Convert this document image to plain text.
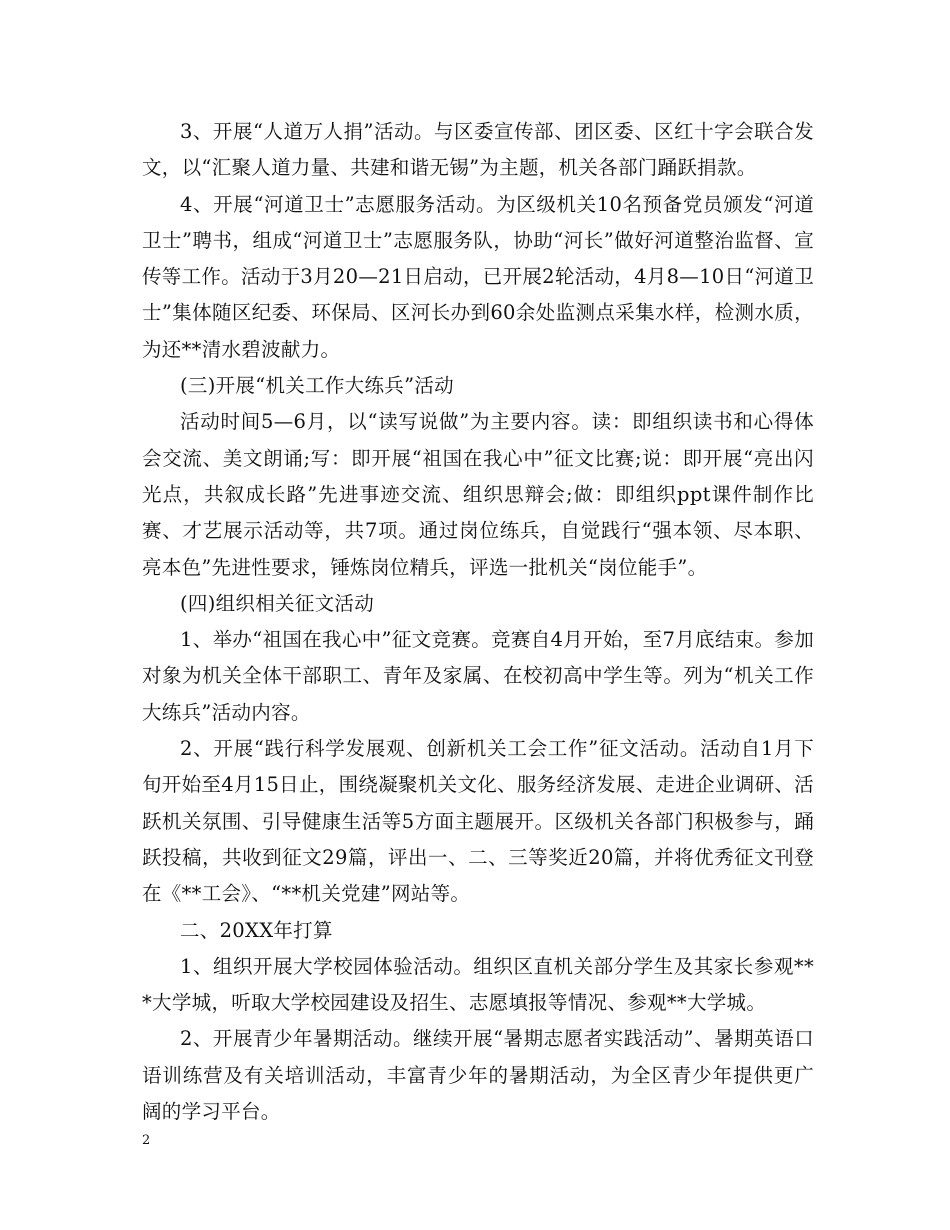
3、开展“人道万人捐”活动。与区委宣传部、团区委、区红十字会联合发文，以“汇聚人道力量、共建和谐无锡”为主题，机关各部门踊跃捐款。

4、开展“河道卫士”志愿服务活动。为区级机关10名预备党员颁发“河道卫士”聘书，组成“河道卫士”志愿服务队，协助“河长”做好河道整治监督、宣传等工作。活动于3月20—21日启动，已开展2轮活动，4月8—10日“河道卫士”集体随区纪委、环保局、区河长办到60余处监测点采集水样，检测水质，为还**清水碧波献力。

(三)开展“机关工作大练兵”活动

活动时间5—6月，以“读写说做”为主要内容。读：即组织读书和心得体会交流、美文朗诵;写：即开展“祖国在我心中”征文比赛;说：即开展“亮出闪光点，共叙成长路”先进事迹交流、组织思辩会;做：即组织ppt课件制作比赛、才艺展示活动等，共7项。通过岗位练兵，自觉践行“强本领、尽本职、亮本色”先进性要求，锤炼岗位精兵，评选一批机关“岗位能手”。

(四)组织相关征文活动

1、举办“祖国在我心中”征文竞赛。竞赛自4月开始，至7月底结束。参加对象为机关全体干部职工、青年及家属、在校初高中学生等。列为“机关工作大练兵”活动内容。

2、开展“践行科学发展观、创新机关工会工作”征文活动。活动自1月下旬开始至4月15日止，围绕凝聚机关文化、服务经济发展、走进企业调研、活跃机关氛围、引导健康生活等5方面主题展开。区级机关各部门积极参与，踊跃投稿，共收到征文29篇，评出一、二、三等奖近20篇，并将优秀征文刊登在《**工会》、“**机关党建”网站等。

二、20XX年打算

1、组织开展大学校园体验活动。组织区直机关部分学生及其家长参观***大学城，听取大学校园建设及招生、志愿填报等情况、参观**大学城。

2、开展青少年暑期活动。继续开展“暑期志愿者实践活动”、暑期英语口语训练营及有关培训活动，丰富青少年的暑期活动，为全区青少年提供更广阔的学习平台。

2
